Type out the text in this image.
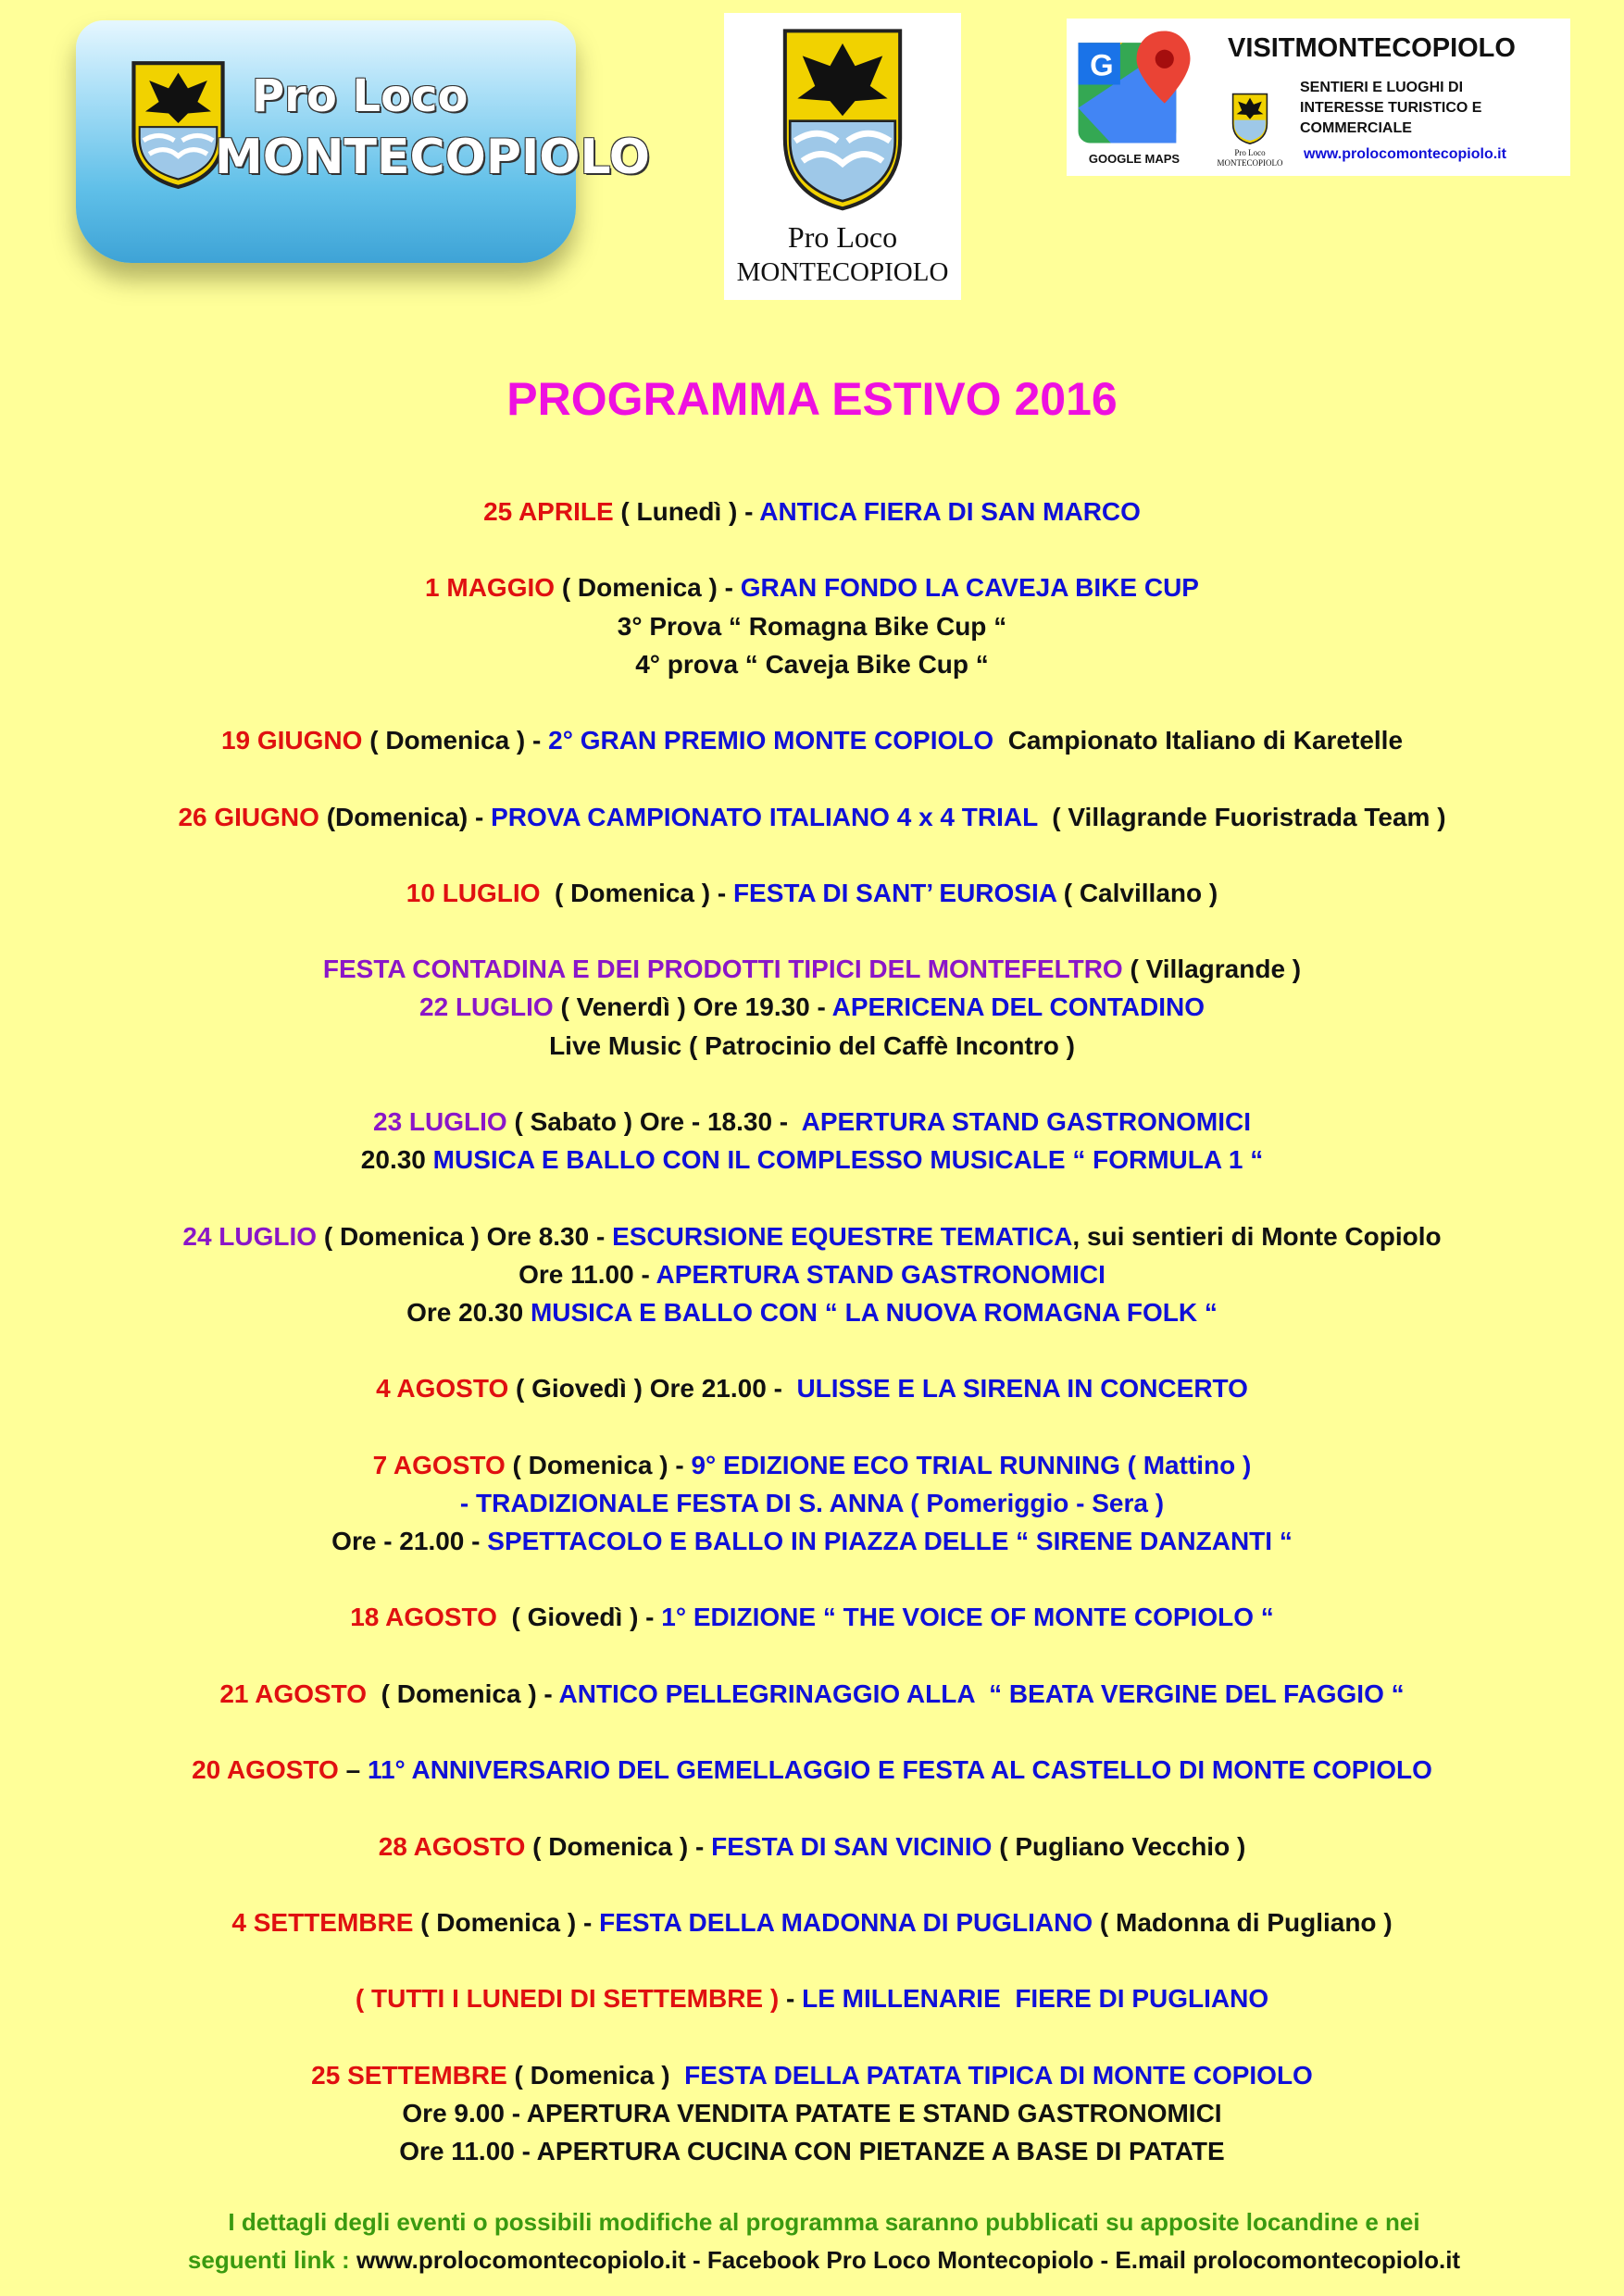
Pro Loco
MONTECOPIOLO
Pro Loco
MONTECOPIOLO
G
GOOGLE MAPS	Pro Loco
MONTECOPIOLO
VISITMONTECOPIOLO
SENTIERI E LUOGHI DI
INTERESSE TURISTICO E
COMMERCIALE
www.prolocomontecopiolo.it
PROGRAMMA ESTIVO 2016
25 APRILE ( Lunedì ) - ANTICA FIERA DI SAN MARCO
1 MAGGIO ( Domenica ) - GRAN FONDO LA CAVEJA BIKE CUP
3° Prova “ Romagna Bike Cup “
4° prova “ Caveja Bike Cup “
19 GIUGNO ( Domenica ) - 2° GRAN PREMIO MONTE COPIOLO  Campionato Italiano di Karetelle
26 GIUGNO (Domenica) - PROVA CAMPIONATO ITALIANO 4 x 4 TRIAL  ( Villagrande Fuoristrada Team )
10 LUGLIO  ( Domenica ) - FESTA DI SANT’ EUROSIA ( Calvillano )
FESTA CONTADINA E DEI PRODOTTI TIPICI DEL MONTEFELTRO ( Villagrande )
22 LUGLIO ( Venerdì ) Ore 19.30 - APERICENA DEL CONTADINO
Live Music ( Patrocinio del Caffè Incontro )
23 LUGLIO ( Sabato ) Ore - 18.30 -  APERTURA STAND GASTRONOMICI
20.30 MUSICA E BALLO CON IL COMPLESSO MUSICALE “ FORMULA 1 “
24 LUGLIO ( Domenica ) Ore 8.30 - ESCURSIONE EQUESTRE TEMATICA, sui sentieri di Monte Copiolo
Ore 11.00 - APERTURA STAND GASTRONOMICI
Ore 20.30 MUSICA E BALLO CON “ LA NUOVA ROMAGNA FOLK “
4 AGOSTO ( Giovedì ) Ore 21.00 -  ULISSE E LA SIRENA IN CONCERTO
7 AGOSTO ( Domenica ) - 9° EDIZIONE ECO TRIAL RUNNING ( Mattino )
- TRADIZIONALE FESTA DI S. ANNA ( Pomeriggio - Sera )
Ore - 21.00 - SPETTACOLO E BALLO IN PIAZZA DELLE “ SIRENE DANZANTI “
18 AGOSTO  ( Giovedì ) - 1° EDIZIONE “ THE VOICE OF MONTE COPIOLO “
21 AGOSTO  ( Domenica ) - ANTICO PELLEGRINAGGIO ALLA  “ BEATA VERGINE DEL FAGGIO “
20 AGOSTO – 11° ANNIVERSARIO DEL GEMELLAGGIO E FESTA AL CASTELLO DI MONTE COPIOLO
28 AGOSTO ( Domenica ) - FESTA DI SAN VICINIO ( Pugliano Vecchio )
4 SETTEMBRE ( Domenica ) - FESTA DELLA MADONNA DI PUGLIANO ( Madonna di Pugliano )
( TUTTI I LUNEDI DI SETTEMBRE ) - LE MILLENARIE  FIERE DI PUGLIANO
25 SETTEMBRE ( Domenica )  FESTA DELLA PATATA TIPICA DI MONTE COPIOLO
Ore 9.00 - APERTURA VENDITA PATATE E STAND GASTRONOMICI
Ore 11.00 - APERTURA CUCINA CON PIETANZE A BASE DI PATATE
I dettagli degli eventi o possibili modifiche al programma saranno pubblicati su apposite locandine e nei
seguenti link : www.prolocomontecopiolo.it - Facebook Pro Loco Montecopiolo - E.mail prolocomontecopiolo.it
